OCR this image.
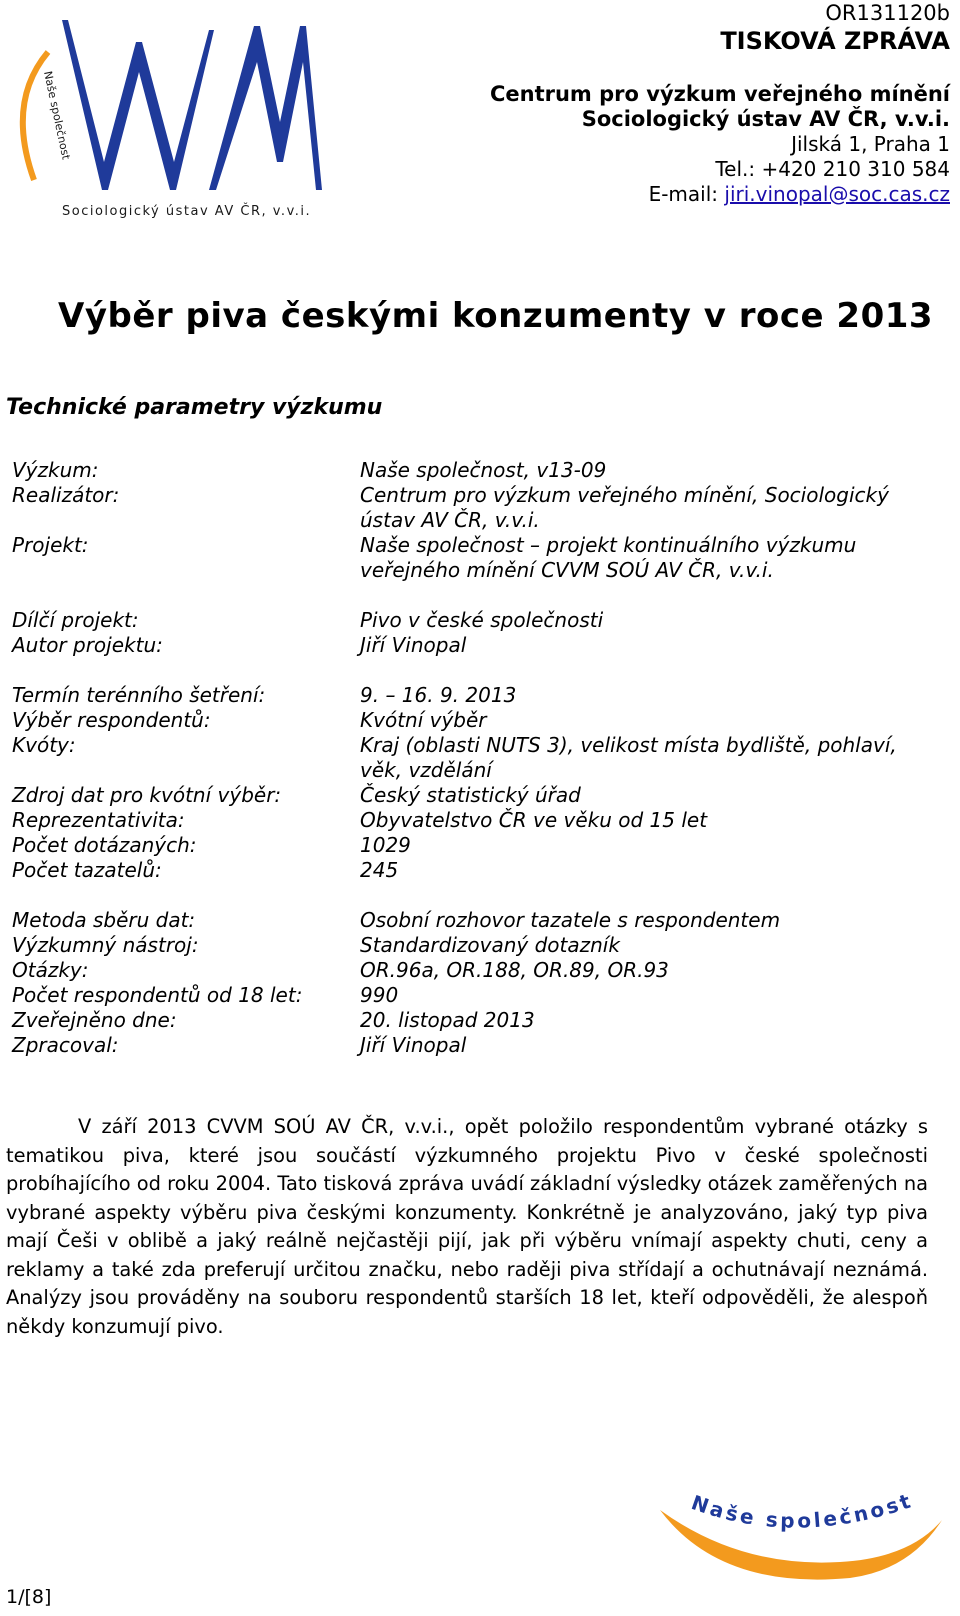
Naše společnost
Sociologický ústav AV ČR, v.v.i.
OR131120b
TISKOVÁ ZPRÁVA
Centrum pro výzkum veřejného mínění
Sociologický ústav AV ČR, v.v.i.
Jilská 1, Praha 1
Tel.: +420 210 310 584
E-mail: jiri.vinopal@soc.cas.cz
Výběr piva českými konzumenty v roce 2013
Technické parametry výzkumu
Výzkum:	Naše společnost, v13-09
Realizátor:	Centrum pro výzkum veřejného mínění, Sociologický ústav AV ČR, v.v.i.
Projekt:	Naše společnost – projekt kontinuálního výzkumu veřejného mínění CVVM SOÚ AV ČR, v.v.i.
Dílčí projekt:	Pivo v české společnosti
Autor projektu:	Jiří Vinopal
Termín terénního šetření:	9. – 16. 9. 2013
Výběr respondentů:	Kvótní výběr
Kvóty:	Kraj (oblasti NUTS 3), velikost místa bydliště, pohlaví, věk, vzdělání
Zdroj dat pro kvótní výběr:	Český statistický úřad
Reprezentativita:	Obyvatelstvo ČR ve věku od 15 let
Počet dotázaných:	1029
Počet tazatelů:	245
Metoda sběru dat:	Osobní rozhovor tazatele s respondentem
Výzkumný nástroj:	Standardizovaný dotazník
Otázky:	OR.96a, OR.188, OR.89, OR.93
Počet respondentů od 18 let:	990
Zveřejněno dne:	20. listopad 2013
Zpracoval:	Jiří Vinopal
V září 2013 CVVM SOÚ AV ČR, v.v.i., opět položilo respondentům vybrané otázky s tematikou piva, které jsou součástí výzkumného projektu Pivo v české společnosti probíhajícího od roku 2004. Tato tisková zpráva uvádí základní výsledky otázek zaměřených na vybrané aspekty výběru piva českými konzumenty. Konkrétně je analyzováno, jaký typ piva mají Češi v oblibě a jaký reálně nejčastěji pijí, jak při výběru vnímají aspekty chuti, ceny a reklamy a také zda preferují určitou značku, nebo raději piva střídají a ochutnávají neznámá. Analýzy jsou prováděny na souboru respondentů starších 18 let, kteří odpověděli, že alespoň někdy konzumují pivo.
1/[8]
Naše společnost
